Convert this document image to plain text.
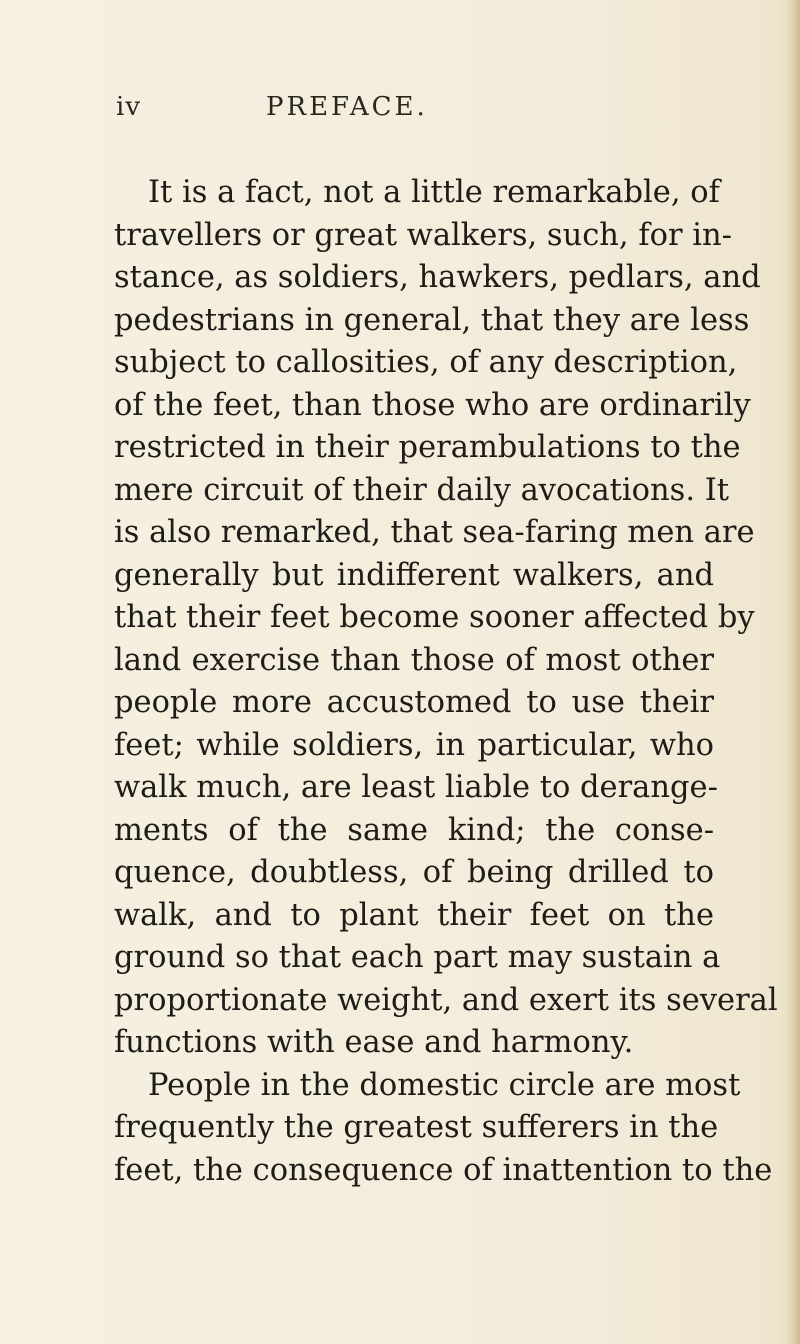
iv	PREFACE.
It is a fact, not a little remarkable, of
travellers or great walkers, such, for in-
stance, as soldiers, hawkers, pedlars, and
pedestrians in general, that they are less
subject to callosities, of any description,
of the feet, than those who are ordinarily
restricted in their perambulations to the
mere circuit of their daily avocations. It
is also remarked, that sea-faring men are
generally but indifferent walkers, and
that their feet become sooner affected by
land exercise than those of most other
people more accustomed to use their
feet; while soldiers, in particular, who
walk much, are least liable to derange-
ments of the same kind; the conse-
quence, doubtless, of being drilled to
walk, and to plant their feet on the
ground so that each part may sustain a
proportionate weight, and exert its several
functions with ease and harmony.
People in the domestic circle are most
frequently the greatest sufferers in the
feet, the consequence of inattention to the
